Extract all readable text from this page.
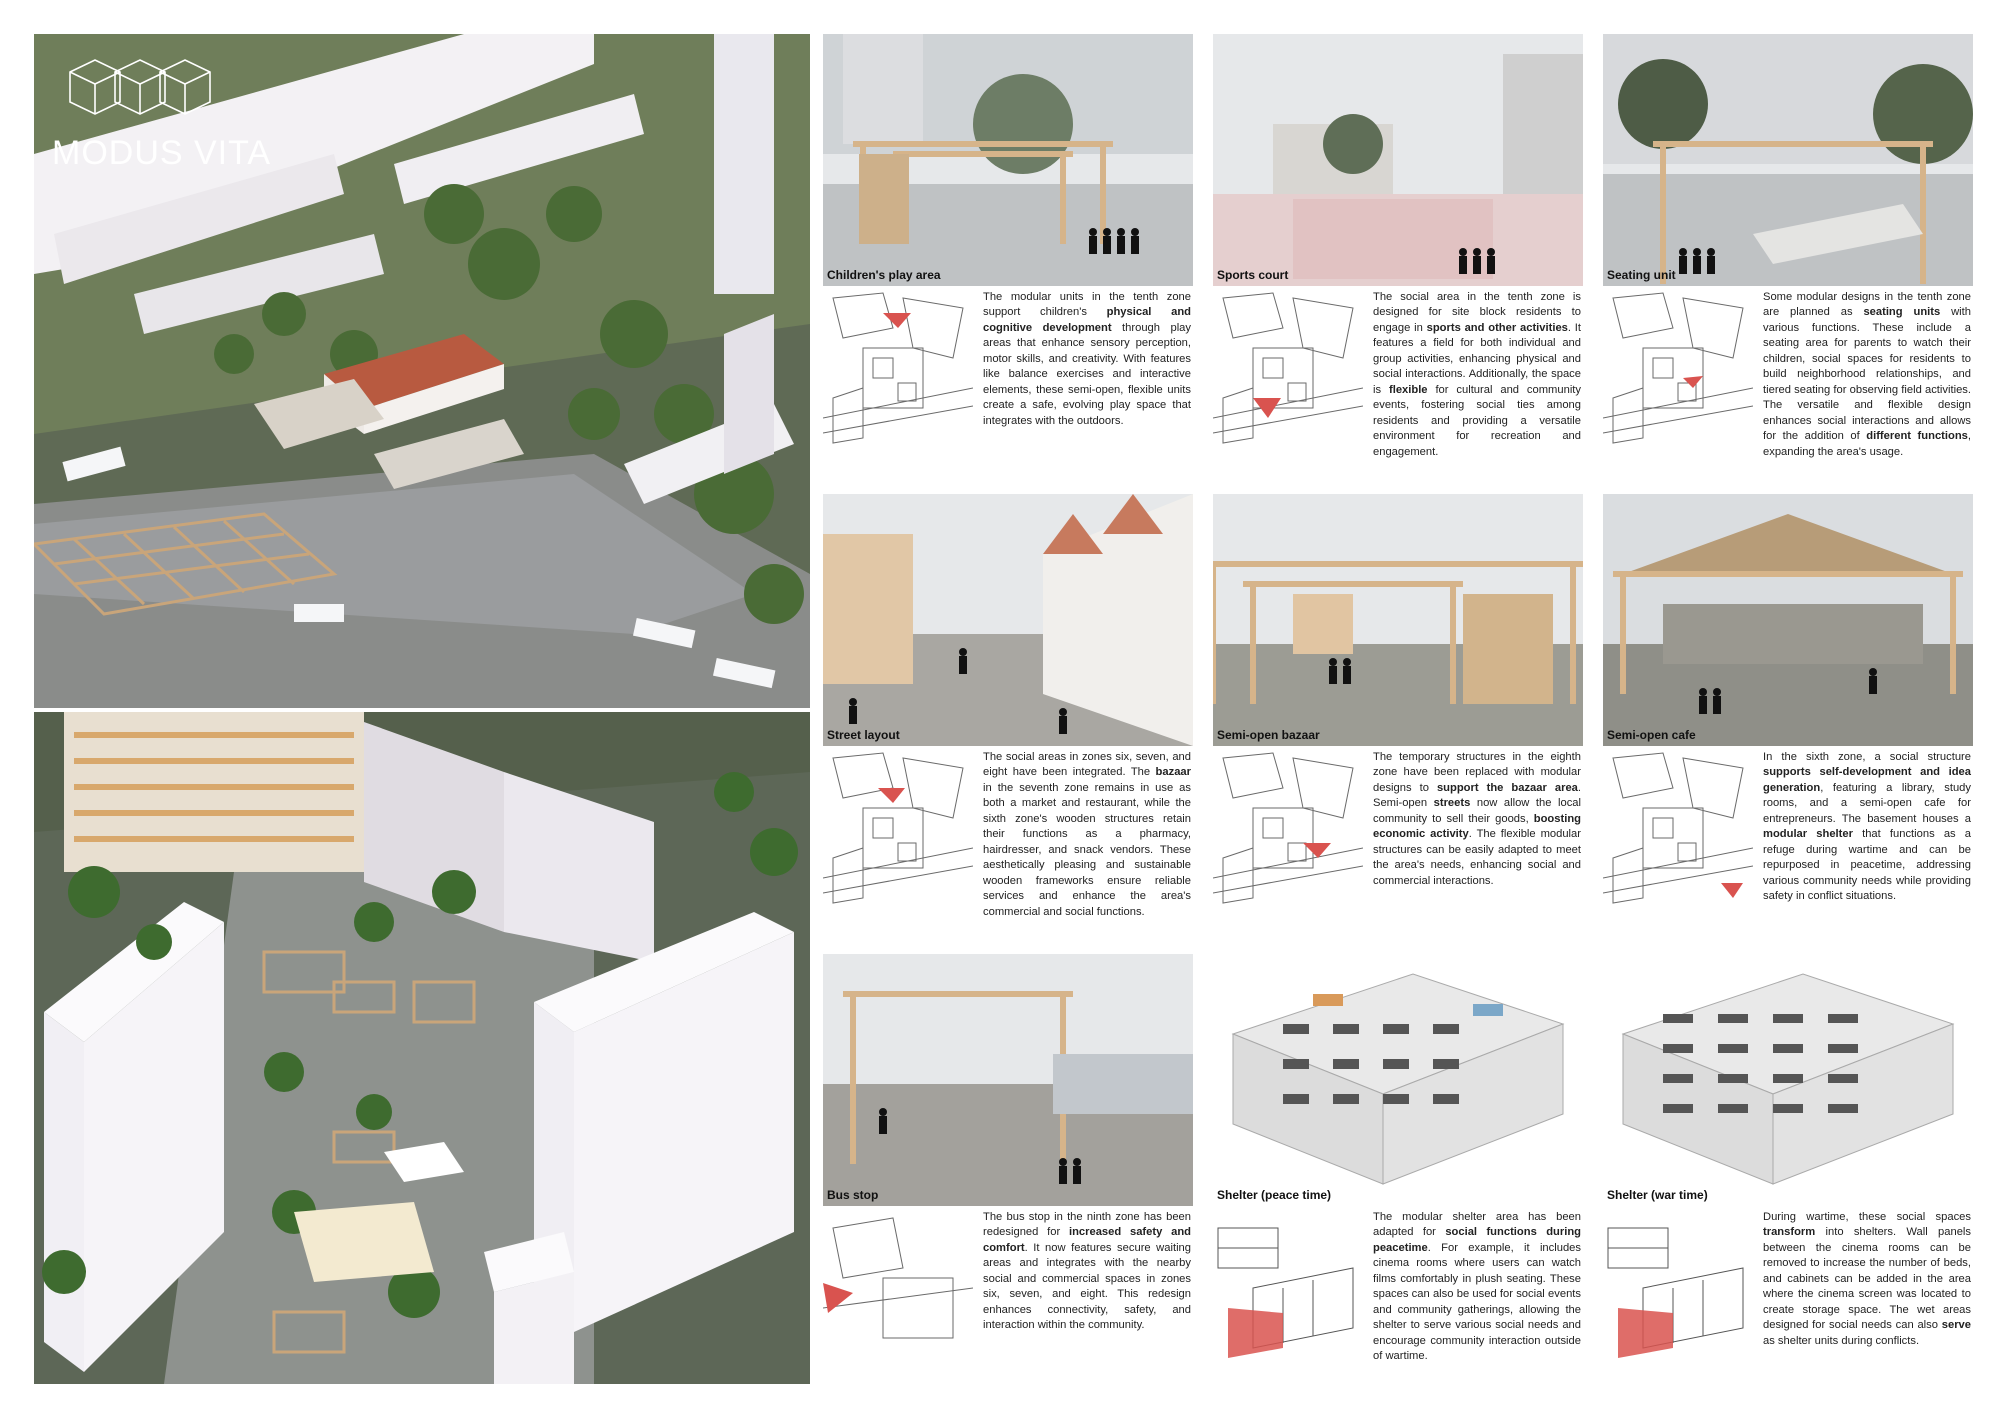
MODUS VITA
Children's play area
The modular units in the tenth zone support children's physical and cognitive development through play areas that enhance sensory perception, motor skills, and creativity. With features like balance exercises and interactive elements, these semi-open, flexible units create a safe, evolving play space that integrates with the outdoors.
Sports court
The social area in the tenth zone is designed for site block residents to engage in sports and other activities. It features a field for both individual and group activities, enhancing physical and social interactions. Additionally, the space is flexible for cultural and community events, fostering social ties among residents and providing a versatile environment for recreation and engagement.
Seating unit
Some modular designs in the tenth zone are planned as seating units with various functions. These include a seating area for parents to watch their children, social spaces for residents to build neighborhood relationships, and tiered seating for observing field activities. The versatile and flexible design enhances social interactions and allows for the addition of different functions, expanding the area's usage.
Street layout
The social areas in zones six, seven, and eight have been integrated. The bazaar in the seventh zone remains in use as both a market and restaurant, while the sixth zone's wooden structures retain their functions as a pharmacy, hairdresser, and snack vendors. These aesthetically pleasing and sustainable wooden frameworks ensure reliable services and enhance the area's commercial and social functions.
Semi-open bazaar
The temporary structures in the eighth zone have been replaced with modular designs to support the bazaar area. Semi-open streets now allow the local community to sell their goods, boosting economic activity. The flexible modular structures can be easily adapted to meet the area's needs, enhancing social and commercial interactions.
Semi-open cafe
In the sixth zone, a social structure supports self-development and idea generation, featuring a library, study rooms, and a semi-open cafe for entrepreneurs. The basement houses a modular shelter that functions as a refuge during wartime and can be repurposed in peacetime, addressing various community needs while providing safety in conflict situations.
Bus stop
The bus stop in the ninth zone has been redesigned for increased safety and comfort. It now features secure waiting areas and integrates with the nearby social and commercial spaces in zones six, seven, and eight. This redesign enhances connectivity, safety, and interaction within the community.
Shelter (peace time)
The modular shelter area has been adapted for social functions during peacetime. For example, it includes cinema rooms where users can watch films comfortably in plush seating. These spaces can also be used for social events and community gatherings, allowing the shelter to serve various social needs and encourage community interaction outside of wartime.
Shelter (war time)
During wartime, these social spaces transform into shelters. Wall panels between the cinema rooms can be removed to increase the number of beds, and cabinets can be added in the area where the cinema screen was located to create storage space. The wet areas designed for social needs can also serve as shelter units during conflicts.
